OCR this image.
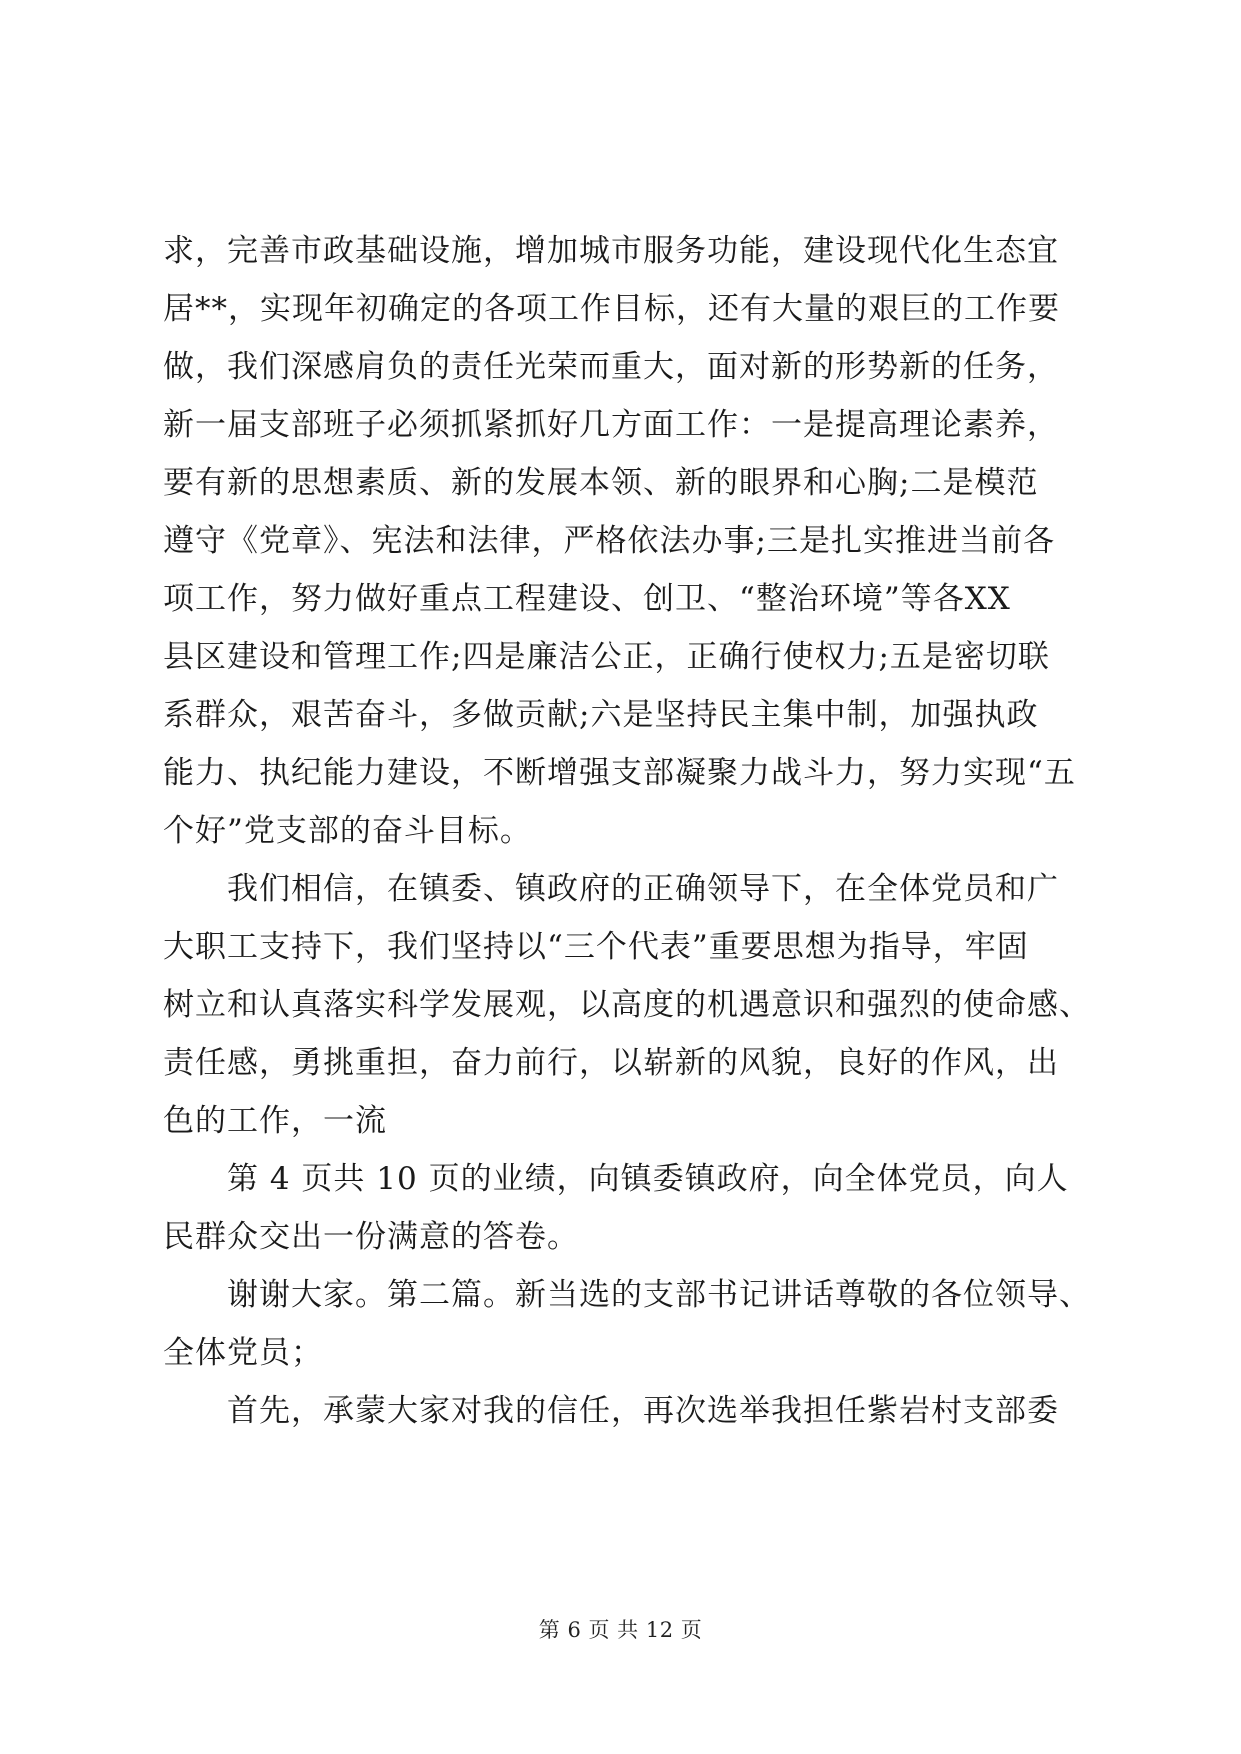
求，完善市政基础设施，增加城市服务功能，建设现代化生态宜
居**，实现年初确定的各项工作目标，还有大量的艰巨的工作要
做，我们深感肩负的责任光荣而重大，面对新的形势新的任务，
新一届支部班子必须抓紧抓好几方面工作：一是提高理论素养，
要有新的思想素质、新的发展本领、新的眼界和心胸;二是模范
遵守《党章》、宪法和法律，严格依法办事;三是扎实推进当前各
项工作，努力做好重点工程建设、创卫、“整治环境”等各XX
县区建设和管理工作;四是廉洁公正，正确行使权力;五是密切联
系群众，艰苦奋斗，多做贡献;六是坚持民主集中制，加强执政
能力、执纪能力建设，不断增强支部凝聚力战斗力，努力实现“五
个好”党支部的奋斗目标。
我们相信，在镇委、镇政府的正确领导下，在全体党员和广
大职工支持下，我们坚持以“三个代表”重要思想为指导，牢固
树立和认真落实科学发展观，以高度的机遇意识和强烈的使命感、
责任感，勇挑重担，奋力前行，以崭新的风貌，良好的作风，出
色的工作，一流
第 4 页共 10 页的业绩，向镇委镇政府，向全体党员，向人
民群众交出一份满意的答卷。
谢谢大家。第二篇。新当选的支部书记讲话尊敬的各位领导、
全体党员；
首先，承蒙大家对我的信任，再次选举我担任紫岩村支部委
第 6 页 共 12 页
